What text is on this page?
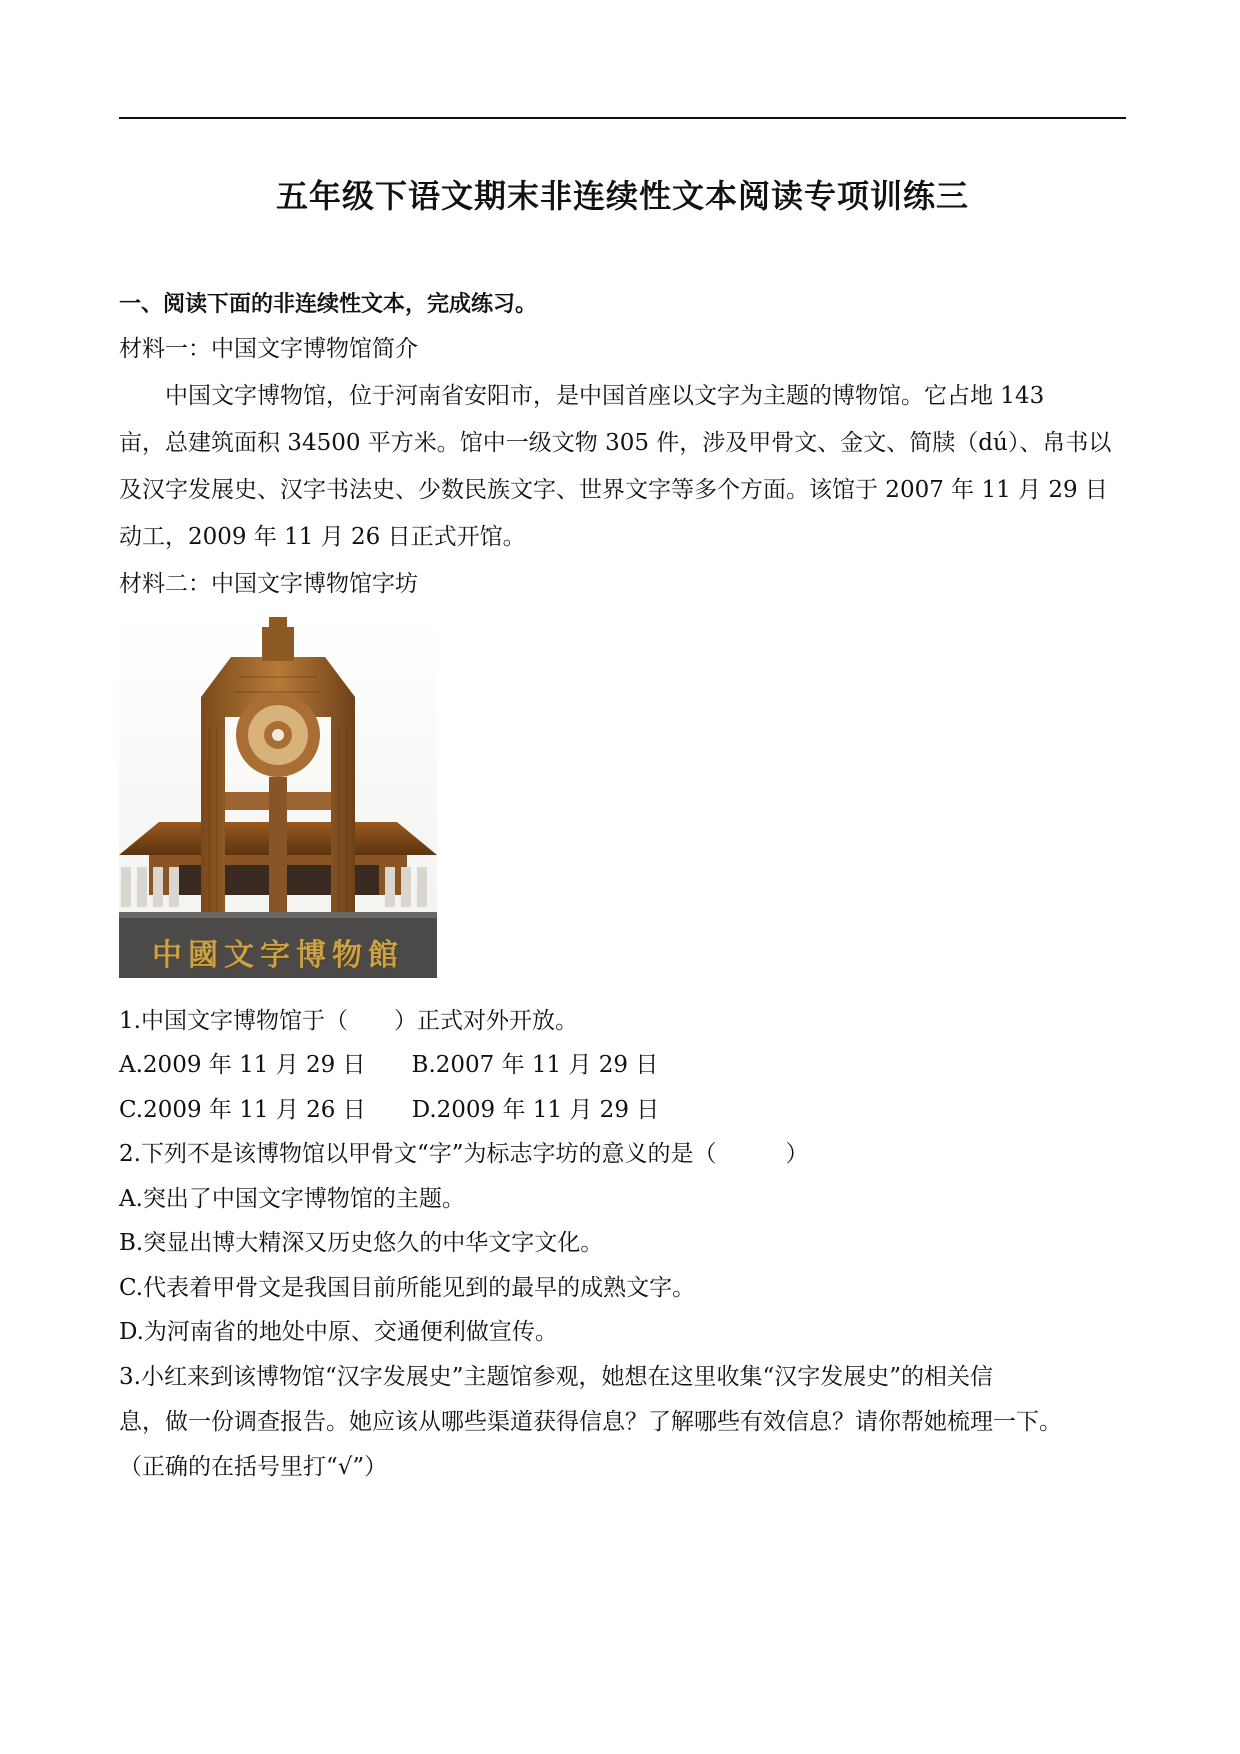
五年级下语文期末非连续性文本阅读专项训练三
一、阅读下面的非连续性文本，完成练习。
材料一：中国文字博物馆简介
中国文字博物馆，位于河南省安阳市，是中国首座以文字为主题的博物馆。它占地 143
亩，总建筑面积 34500 平方米。馆中一级文物 305 件，涉及甲骨文、金文、简牍（dú）、帛书以
及汉字发展史、汉字书法史、少数民族文字、世界文字等多个方面。该馆于 2007 年 11 月 29 日
动工，2009 年 11 月 26 日正式开馆。
材料二：中国文字博物馆字坊
中國文字博物館
1.中国文字博物馆于（　　）正式对外开放。
A.2009 年 11 月 29 日　　B.2007 年 11 月 29 日
C.2009 年 11 月 26 日　　D.2009 年 11 月 29 日
2.下列不是该博物馆以甲骨文“字”为标志字坊的意义的是（　　　）
A.突出了中国文字博物馆的主题。
B.突显出博大精深又历史悠久的中华文字文化。
C.代表着甲骨文是我国目前所能见到的最早的成熟文字。
D.为河南省的地处中原、交通便利做宣传。
3.小红来到该博物馆“汉字发展史”主题馆参观，她想在这里收集“汉字发展史”的相关信
息，做一份调查报告。她应该从哪些渠道获得信息？了解哪些有效信息？请你帮她梳理一下。
（正确的在括号里打“√”）
